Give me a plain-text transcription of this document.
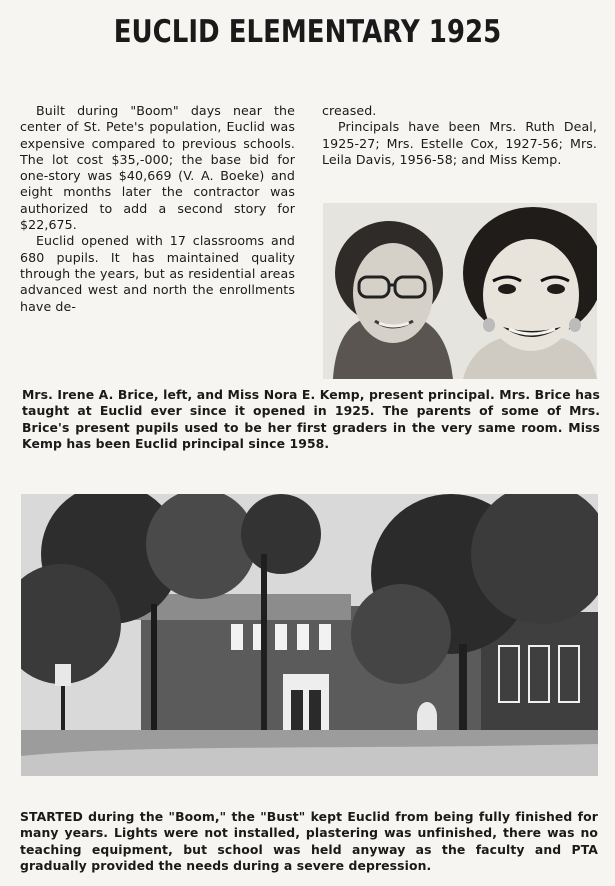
EUCLID ELEMENTARY 1925

Built during "Boom" days near the center of St. Pete's population, Euclid was expensive compared to previous schools. The lot cost $35,-000; the base bid for one-story was $40,669 (V. A. Boeke) and eight months later the contractor was authorized to add a second story for $22,675.

Euclid opened with 17 classrooms and 680 pupils. It has maintained quality through the years, but as residential areas advanced west and north the enrollments have de-

creased.

Principals have been Mrs. Ruth Deal, 1925-27; Mrs. Estelle Cox, 1927-56; Mrs. Leila Davis, 1956-58; and Miss Kemp.

Mrs. Irene A. Brice, left, and Miss Nora E. Kemp, present principal. Mrs. Brice has taught at Euclid ever since it opened in 1925. The parents of some of Mrs. Brice's present pupils used to be her first graders in the very same room. Miss Kemp has been Euclid principal since 1958.
STARTED during the "Boom," the "Bust" kept Euclid from being fully finished for many years. Lights were not installed, plastering was unfinished, there was no teaching equipment, but school was held anyway as the faculty and PTA gradually provided the needs during a severe depression.
